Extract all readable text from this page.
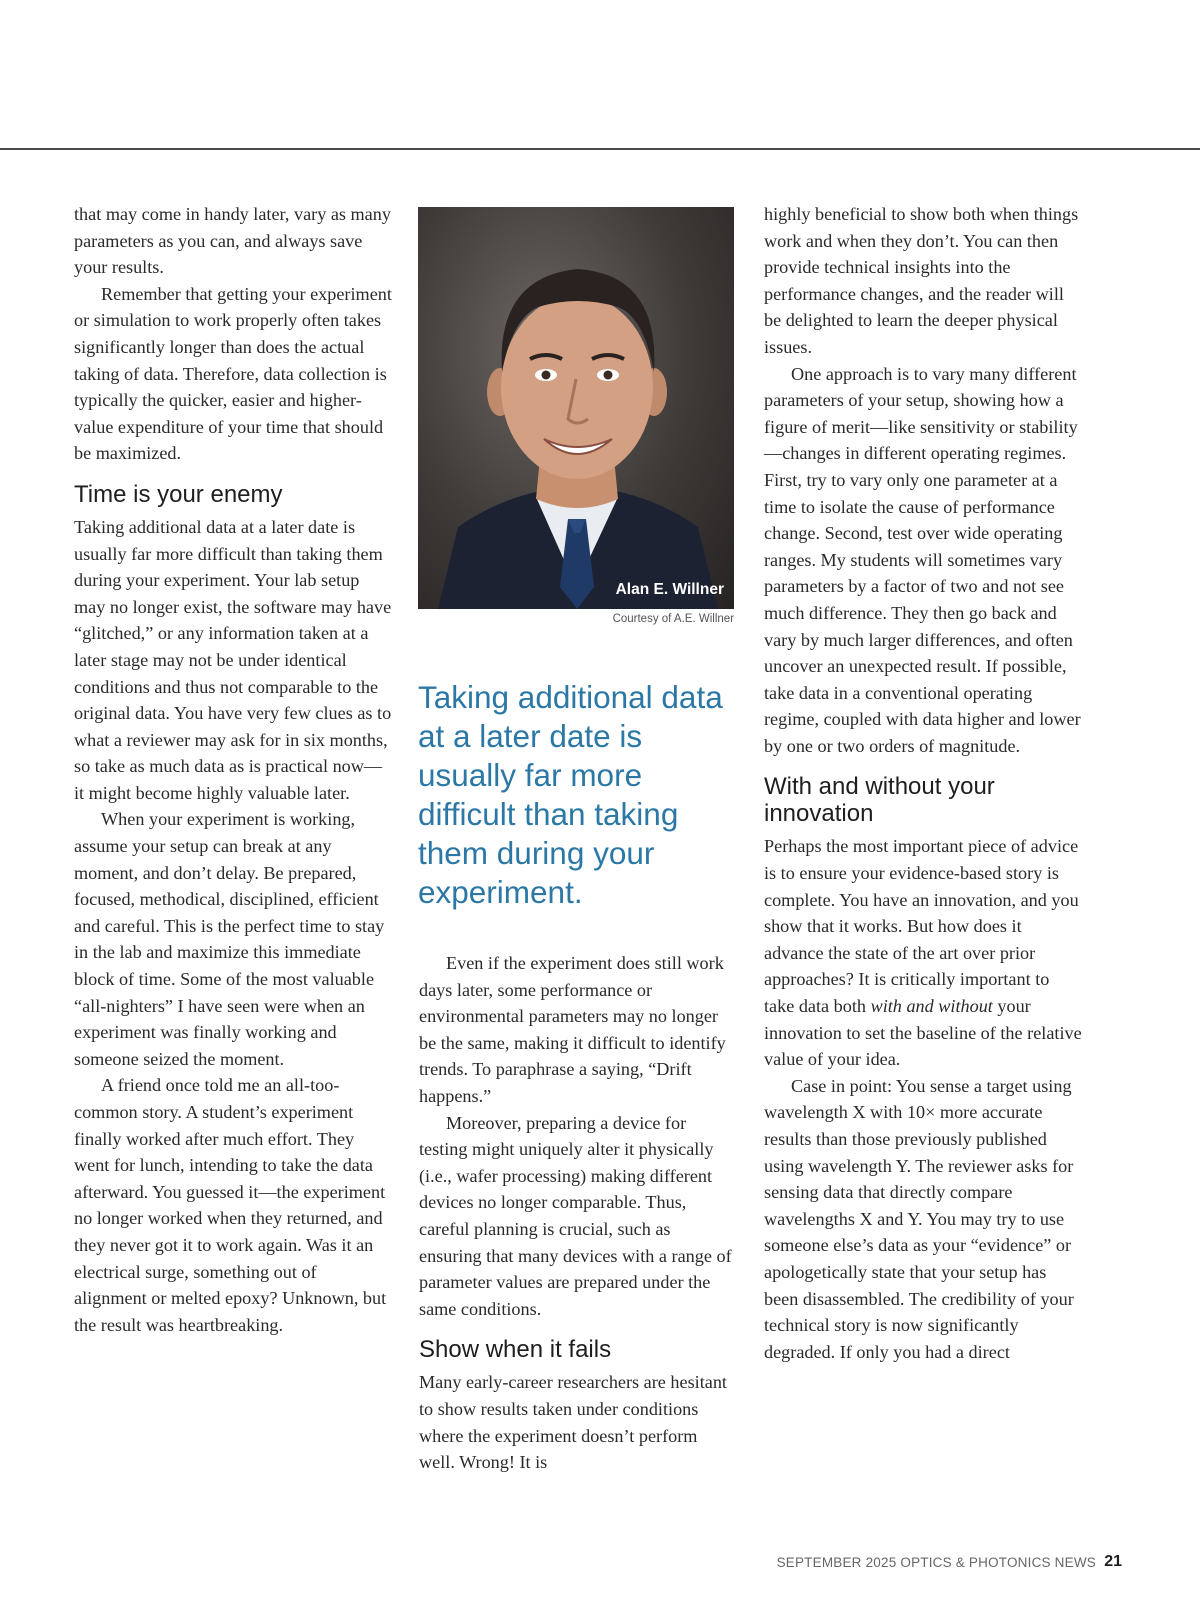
that may come in handy later, vary as many parameters as you can, and always save your results.

Remember that getting your experiment or simulation to work properly often takes significantly longer than does the actual taking of data. Therefore, data collection is typically the quicker, easier and higher-value expenditure of your time that should be maximized.

Time is your enemy

Taking additional data at a later date is usually far more difficult than taking them during your experiment. Your lab setup may no longer exist, the software may have “glitched,” or any information taken at a later stage may not be under identical conditions and thus not comparable to the original data. You have very few clues as to what a reviewer may ask for in six months, so take as much data as is practical now—it might become highly valuable later.

When your experiment is working, assume your setup can break at any moment, and don’t delay. Be prepared, focused, methodical, disciplined, efficient and careful. This is the perfect time to stay in the lab and maximize this immediate block of time. Some of the most valuable “all-nighters” I have seen were when an experiment was finally working and someone seized the moment.

A friend once told me an all-too-common story. A student’s experiment finally worked after much effort. They went for lunch, intending to take the data afterward. You guessed it—the experiment no longer worked when they returned, and they never got it to work again. Was it an electrical surge, something out of alignment or melted epoxy? Unknown, but the result was heartbreaking.

Alan E. Willner
Courtesy of A.E. Willner
Taking additional data at a later date is usually far more difficult than taking them during your experiment.

Even if the experiment does still work days later, some performance or environmental parameters may no longer be the same, making it difficult to identify trends. To paraphrase a saying, “Drift happens.”

Moreover, preparing a device for testing might uniquely alter it physically (i.e., wafer processing) making different devices no longer comparable. Thus, careful planning is crucial, such as ensuring that many devices with a range of parameter values are prepared under the same conditions.

Show when it fails

Many early-career researchers are hesitant to show results taken under conditions where the experiment doesn’t perform well. Wrong! It is

highly beneficial to show both when things work and when they don’t. You can then provide technical insights into the performance changes, and the reader will be delighted to learn the deeper physical issues.

One approach is to vary many different parameters of your setup, showing how a figure of merit—like sensitivity or stability—changes in different operating regimes. First, try to vary only one parameter at a time to isolate the cause of performance change. Second, test over wide operating ranges. My students will sometimes vary parameters by a factor of two and not see much difference. They then go back and vary by much larger differences, and often uncover an unexpected result. If possible, take data in a conventional operating regime, coupled with data higher and lower by one or two orders of magnitude.

With and without your innovation

Perhaps the most important piece of advice is to ensure your evidence-based story is complete. You have an innovation, and you show that it works. But how does it advance the state of the art over prior approaches? It is critically important to take data both with and without your innovation to set the baseline of the relative value of your idea.

Case in point: You sense a target using wavelength X with 10× more accurate results than those previously published using wavelength Y. The reviewer asks for sensing data that directly compare wavelengths X and Y. You may try to use someone else’s data as your “evidence” or apologetically state that your setup has been disassembled. The credibility of your technical story is now significantly degraded. If only you had a direct

SEPTEMBER 2025 OPTICS & PHOTONICS NEWS 21
